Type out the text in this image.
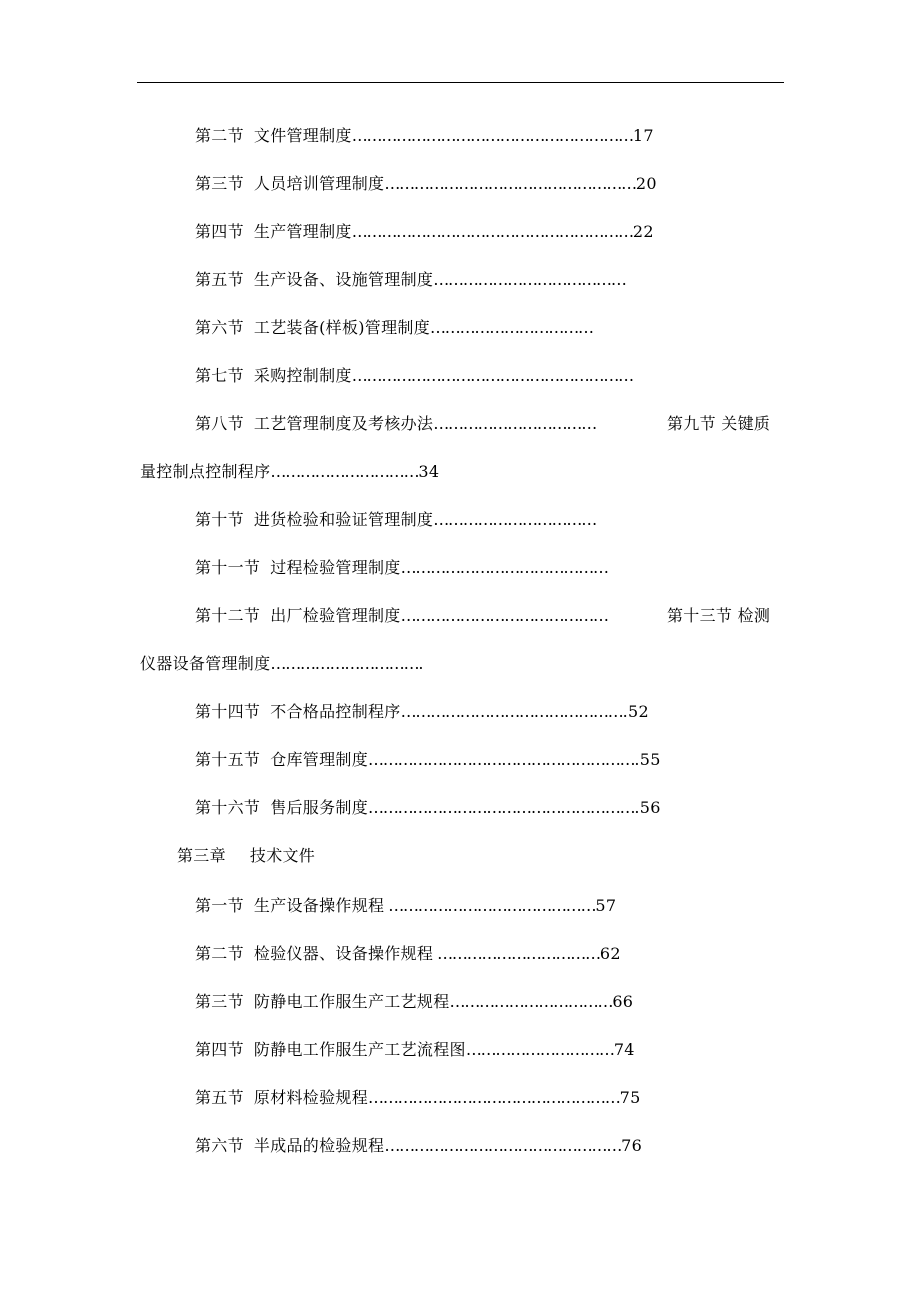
第二节 文件管理制度…………………………………………………17
第三节 人员培训管理制度……………………………………………20
第四节 生产管理制度…………………………………………………22
第五节 生产设备、设施管理制度…………………………………
第六节 工艺装备(样板)管理制度……………………………
第七节 采购控制制度…………………………………………………
第八节 工艺管理制度及考核办法……………………………	第九节 关键质
量控制点控制程序…………………………34
第十节 进货检验和验证管理制度……………………………
第十一节 过程检验管理制度……………………………………
第十二节 出厂检验管理制度……………………………………	第十三节 检测
仪器设备管理制度………………………….
第十四节 不合格品控制程序……………………………………….52
第十五节 仓库管理制度……………………………………………….55
第十六节 售后服务制度……………………………………………….56
第三章 技术文件
第一节 生产设备操作规程 ……………………………………57
第二节 检验仪器、设备操作规程 ……………………………62
第三节 防静电工作服生产工艺规程……………………………66
第四节 防静电工作服生产工艺流程图…………………………74
第五节 原材料检验规程……………………………………………75
第六节 半成品的检验规程…………………………………………76
